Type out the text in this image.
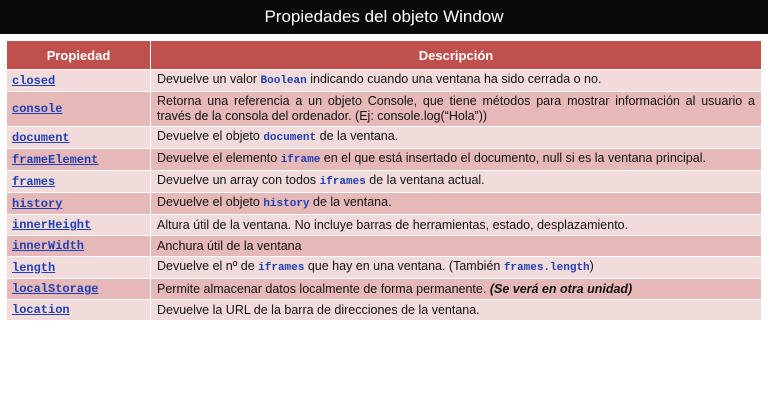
Propiedades del objeto Window
Propiedad	Descripción
closed	Devuelve un valor Boolean indicando cuando una ventana ha sido cerrada o no.
console	Retorna una referencia a un objeto Console, que tiene métodos para mostrar información al usuario a través de la consola del ordenador. (Ej: console.log(“Hola”))
document	Devuelve el objeto document de la ventana.
frameElement	Devuelve el elemento iframe en el que está insertado el documento, null si es la ventana principal.
frames	Devuelve un array con todos iframes de la ventana actual.
history	Devuelve el objeto history de la ventana.
innerHeight	Altura útil de la ventana. No incluye barras de herramientas, estado, desplazamiento.
innerWidth	Anchura útil de la ventana
length	Devuelve el nº de iframes que hay en una ventana. (También frames.length)
localStorage	Permite almacenar datos localmente de forma permanente. (Se verá en otra unidad)
location	Devuelve la URL de la barra de direcciones de la ventana.
